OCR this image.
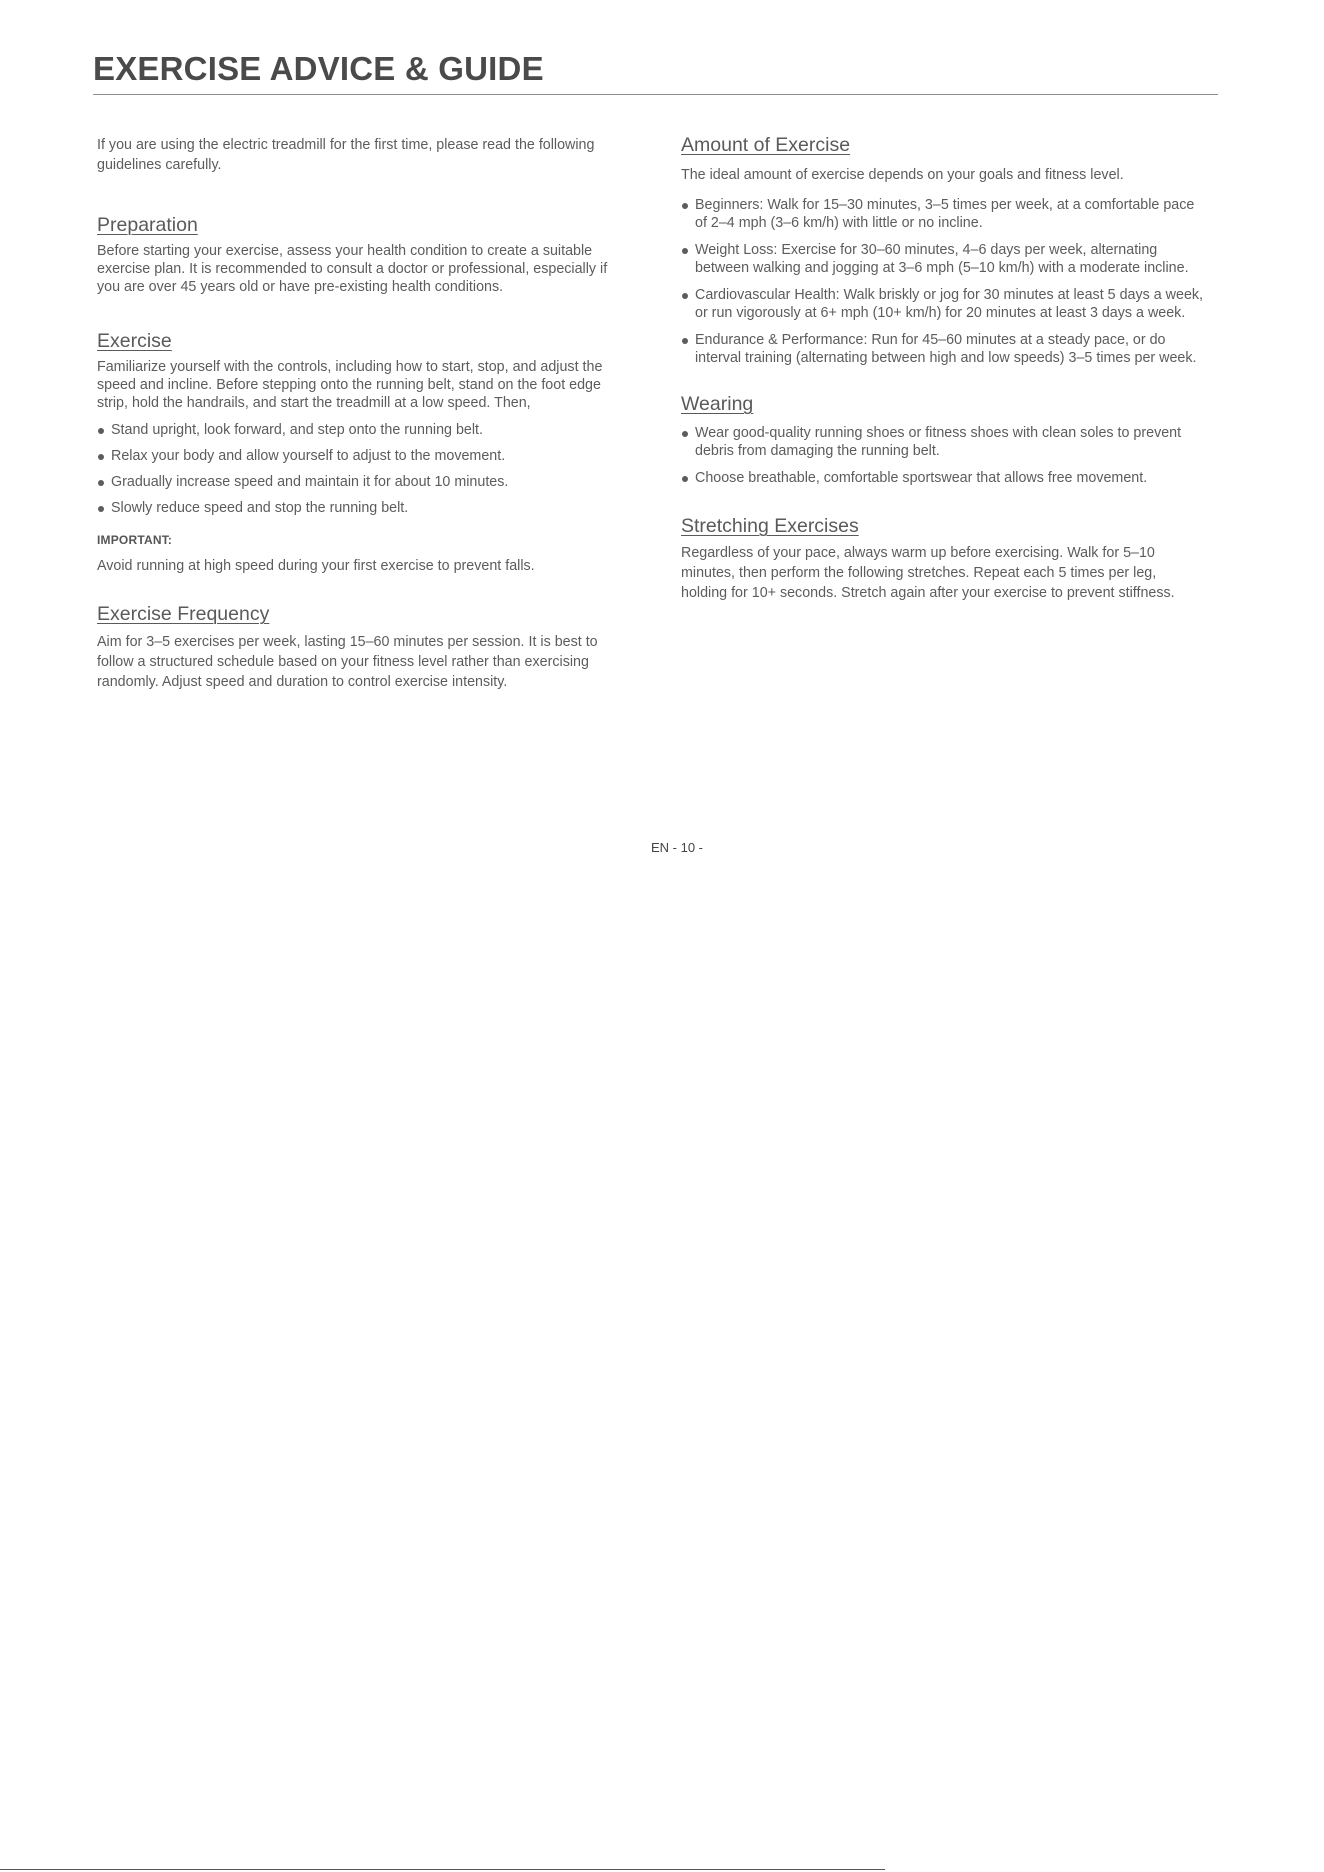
EXERCISE ADVICE & GUIDE

If you are using the electric treadmill for the first time, please read the following guidelines carefully.

Preparation

Before starting your exercise, assess your health condition to create a suitable exercise plan. It is recommended to consult a doctor or professional, especially if you are over 45 years old or have pre-existing health conditions.

Exercise

Familiarize yourself with the controls, including how to start, stop, and adjust the speed and incline. Before stepping onto the running belt, stand on the foot edge strip, hold the handrails, and start the treadmill at a low speed. Then,

Stand upright, look forward, and step onto the running belt.
Relax your body and allow yourself to adjust to the movement.
Gradually increase speed and maintain it for about 10 minutes.
Slowly reduce speed and stop the running belt.

IMPORTANT:

Avoid running at high speed during your first exercise to prevent falls.

Exercise Frequency

Aim for 3–5 exercises per week, lasting 15–60 minutes per session. It is best to follow a structured schedule based on your fitness level rather than exercising randomly. Adjust speed and duration to control exercise intensity.

Amount of Exercise

The ideal amount of exercise depends on your goals and fitness level.

Beginners: Walk for 15–30 minutes, 3–5 times per week, at a comfortable pace of 2–4 mph (3–6 km/h) with little or no incline.
Weight Loss: Exercise for 30–60 minutes, 4–6 days per week, alternating between walking and jogging at 3–6 mph (5–10 km/h) with a moderate incline.
Cardiovascular Health: Walk briskly or jog for 30 minutes at least 5 days a week, or run vigorously at 6+ mph (10+ km/h) for 20 minutes at least 3 days a week.
Endurance & Performance: Run for 45–60 minutes at a steady pace, or do interval training (alternating between high and low speeds) 3–5 times per week.
Wearing
Wear good-quality running shoes or fitness shoes with clean soles to prevent debris from damaging the running belt.
Choose breathable, comfortable sportswear that allows free movement.
Stretching Exercises

Regardless of your pace, always warm up before exercising. Walk for 5–10 minutes, then perform the following stretches. Repeat each 5 times per leg, holding for 10+ seconds. Stretch again after your exercise to prevent stiffness.

EN - 10 -
